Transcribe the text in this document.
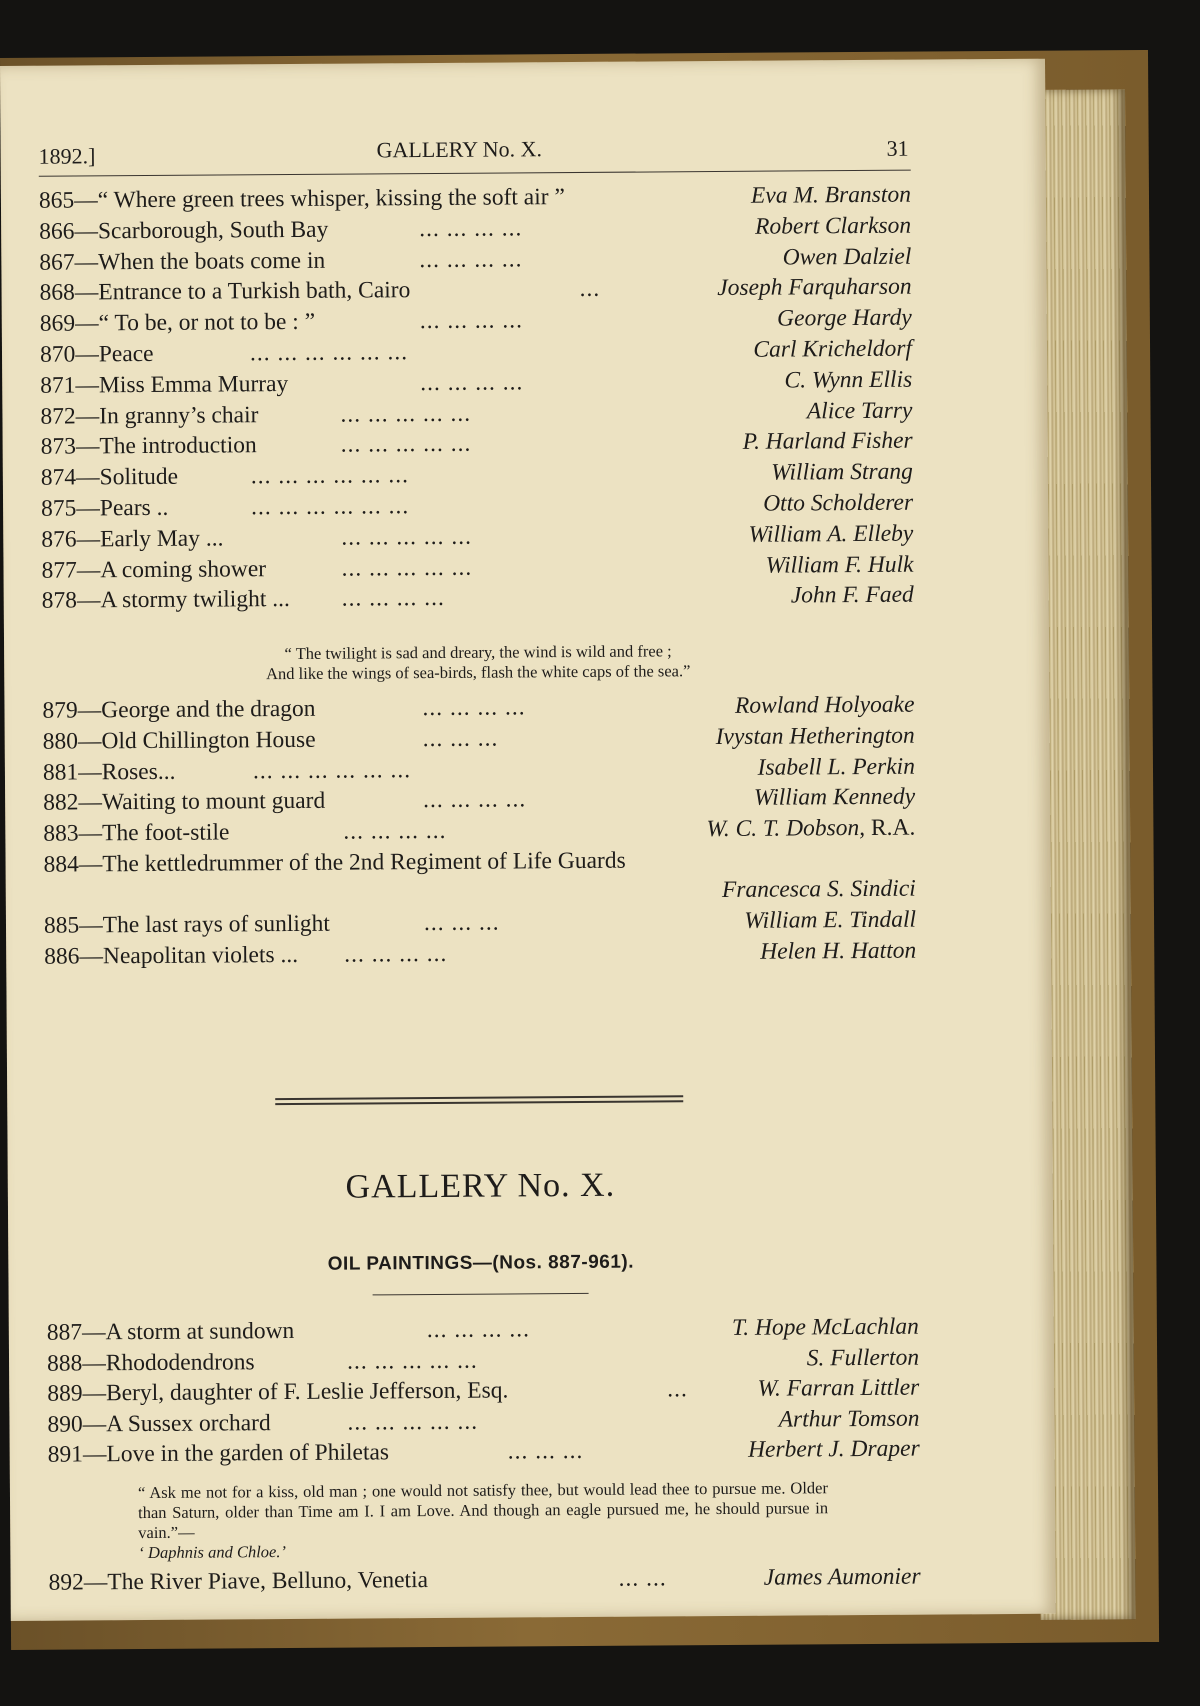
1892.]	GALLERY No. X.	31
865—“ Where green trees whisper, kissing the soft air ”	Eva M. Branston
866—Scarborough, South Bay	... ... ... ...	Robert Clarkson
867—When the boats come in	... ... ... ...	Owen Dalziel
868—Entrance to a Turkish bath, Cairo	...	Joseph Farquharson
869—“ To be, or not to be : ”	... ... ... ...	George Hardy
870—Peace	... ... ... ... ... ...	Carl Kricheldorf
871—Miss Emma Murray	... ... ... ...	C. Wynn Ellis
872—In granny’s chair	... ... ... ... ...	Alice Tarry
873—The introduction	... ... ... ... ...	P. Harland Fisher
874—Solitude	... ... ... ... ... ...	William Strang
875—Pears ..	... ... ... ... ... ...	Otto Scholderer
876—Early May ...	... ... ... ... ...	William A. Elleby
877—A coming shower	... ... ... ... ...	William F. Hulk
878—A stormy twilight ... ... ... ... ...	John F. Faed
“ The twilight is sad and dreary, the wind is wild and free ;
And like the wings of sea-birds, flash the white caps of the sea.”
879—George and the dragon	... ... ... ...	Rowland Holyoake
880—Old Chillington House	... ... ...	Ivystan Hetherington
881—Roses...	... ... ... ... ... ...	Isabell L. Perkin
882—Waiting to mount guard	... ... ... ...	William Kennedy
883—The foot-stile	... ... ... ...	W. C. T. Dobson, R.A.
884—The kettledrummer of the 2nd Regiment of Life Guards
Francesca S. Sindici
885—The last rays of sunlight	... ... ...	William E. Tindall
886—Neapolitan violets ... ... ... ... ...	Helen H. Hatton
GALLERY No. X.
OIL PAINTINGS—(Nos. 887-961).
887—A storm at sundown	... ... ... ...	T. Hope McLachlan
888—Rhododendrons	... ... ... ... ...	S. Fullerton
889—Beryl, daughter of F. Leslie Jefferson, Esq.	...	W. Farran Littler
890—A Sussex orchard	... ... ... ... ...	Arthur Tomson
891—Love in the garden of Philetas	... ... ...	Herbert J. Draper
“ Ask me not for a kiss, old man ; one would not satisfy thee, but would lead thee to pursue me. Older than Saturn, older than Time am I. I am Love. And though an eagle pursued me, he should pursue in vain.”—
‘ Daphnis and Chloe.’
892—The River Piave, Belluno, Venetia	... ...	James Aumonier
